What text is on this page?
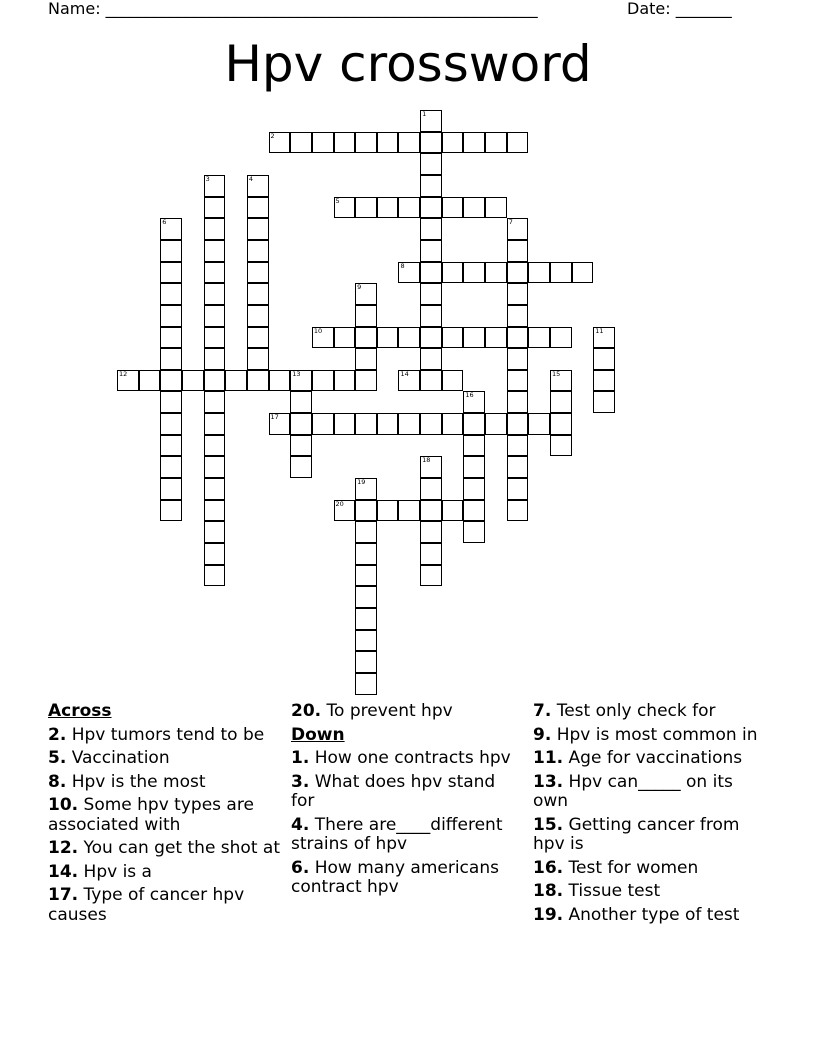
Name: ______________________________________________________	Date: _______
Hpv crossword
1
2
3	4
5
6	7
8
9
10	11
12	13	14	15
16
17
18
19
20
Across
2. Hpv tumors tend to be
5. Vaccination
8. Hpv is the most
10. Some hpv types are associated with
12. You can get the shot at
14. Hpv is a
17. Type of cancer hpv causes
20. To prevent hpv
Down
1. How one contracts hpv
3. What does hpv stand for
4. There are____different strains of hpv
6. How many americans contract hpv
7. Test only check for
9. Hpv is most common in
11. Age for vaccinations
13. Hpv can_____ on its own
15. Getting cancer from hpv is
16. Test for women
18. Tissue test
19. Another type of test
